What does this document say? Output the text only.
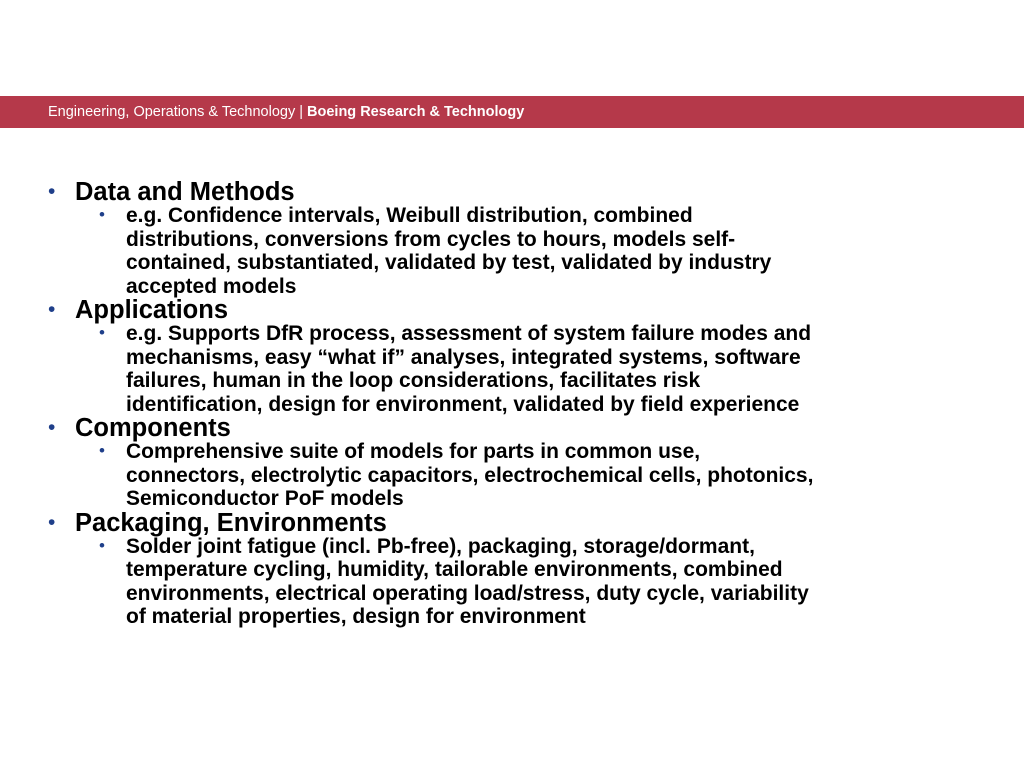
Engineering, Operations & Technology | Boeing Research & Technology
• Data and Methods
• e.g. Confidence intervals, Weibull distribution, combined
distributions, conversions from cycles to hours, models self-
contained, substantiated, validated by test, validated by industry
accepted models
• Applications
• e.g. Supports DfR process, assessment of system failure modes and
mechanisms, easy “what if” analyses, integrated systems, software
failures, human in the loop considerations, facilitates risk
identification, design for environment, validated by field experience
• Components
• Comprehensive suite of models for parts in common use,
connectors, electrolytic capacitors, electrochemical cells, photonics,
Semiconductor PoF models
• Packaging, Environments
• Solder joint fatigue (incl. Pb-free), packaging, storage/dormant,
temperature cycling, humidity, tailorable environments, combined
environments, electrical operating load/stress, duty cycle, variability
of material properties, design for environment
